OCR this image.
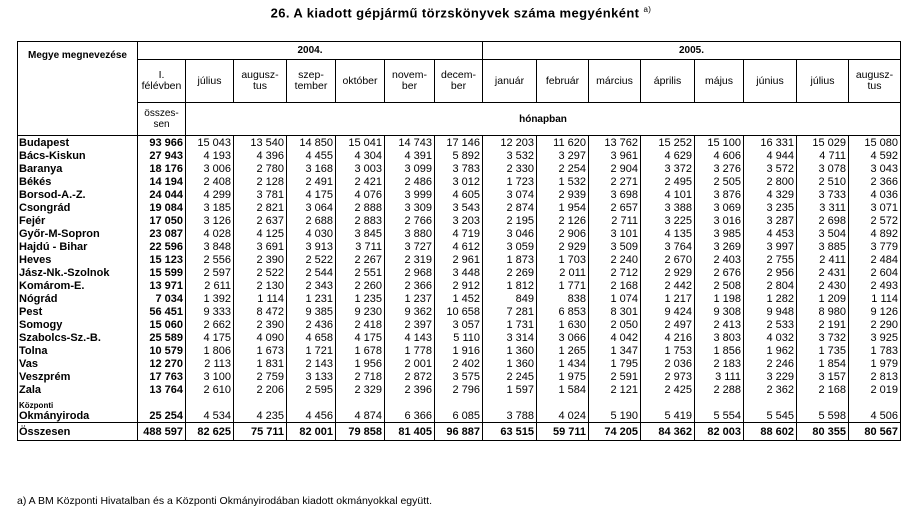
26. A kiadott gépjármű törzskönyvek száma megyénként $^{a)}$
Megye megnevezése	2004.							2005.							
	I. félévben	július	augusz-tus	szep-tember	október	novem-ber	decem-ber	január	február	március	április	május	június	július	augusz-tus
	összes-sen	hónapban													
Budapest	93 966	15 043	13 540	14 850	15 041	14 743	17 146	12 203	11 620	13 762	15 252	15 100	16 331	15 029	15 080
Bács-Kiskun	27 943	4 193	4 396	4 455	4 304	4 391	5 892	3 532	3 297	3 961	4 629	4 606	4 944	4 711	4 592
Baranya	18 176	3 006	2 780	3 168	3 003	3 099	3 783	2 330	2 254	2 904	3 372	3 276	3 572	3 078	3 043
Békés	14 194	2 408	2 128	2 491	2 421	2 486	3 012	1 723	1 532	2 271	2 495	2 505	2 800	2 510	2 366
Borsod-A.-Z.	24 044	4 299	3 781	4 175	4 076	3 999	4 605	3 074	2 939	3 698	4 101	3 876	4 329	3 733	4 036
Csongrád	19 084	3 185	2 821	3 064	2 888	3 309	3 543	2 874	1 954	2 657	3 388	3 069	3 235	3 311	3 071
Fejér	17 050	3 126	2 637	2 688	2 883	2 766	3 203	2 195	2 126	2 711	3 225	3 016	3 287	2 698	2 572
Győr-M-Sopron	23 087	4 028	4 125	4 030	3 845	3 880	4 719	3 046	2 906	3 101	4 135	3 985	4 453	3 504	4 892
Hajdú - Bihar	22 596	3 848	3 691	3 913	3 711	3 727	4 612	3 059	2 929	3 509	3 764	3 269	3 997	3 885	3 779
Heves	15 123	2 556	2 390	2 522	2 267	2 319	2 961	1 873	1 703	2 240	2 670	2 403	2 755	2 411	2 484
Jász-Nk.-Szolnok	15 599	2 597	2 522	2 544	2 551	2 968	3 448	2 269	2 011	2 712	2 929	2 676	2 956	2 431	2 604
Komárom-E.	13 971	2 611	2 130	2 343	2 260	2 366	2 912	1 812	1 771	2 168	2 442	2 508	2 804	2 430	2 493
Nógrád	7 034	1 392	1 114	1 231	1 235	1 237	1 452	849	838	1 074	1 217	1 198	1 282	1 209	1 114
Pest	56 451	9 333	8 472	9 385	9 230	9 362	10 658	7 281	6 853	8 301	9 424	9 308	9 948	8 980	9 126
Somogy	15 060	2 662	2 390	2 436	2 418	2 397	3 057	1 731	1 630	2 050	2 497	2 413	2 533	2 191	2 290
Szabolcs-Sz.-B.	25 589	4 175	4 090	4 658	4 175	4 143	5 110	3 314	3 066	4 042	4 216	3 803	4 032	3 732	3 925
Tolna	10 579	1 806	1 673	1 721	1 678	1 778	1 916	1 360	1 265	1 347	1 753	1 856	1 962	1 735	1 783
Vas	12 270	2 113	1 831	2 143	1 956	2 001	2 402	1 360	1 434	1 795	2 036	2 183	2 246	1 854	1 979
Veszprém	17 763	3 100	2 759	3 133	2 718	2 872	3 575	2 245	1 975	2 591	2 973	3 111	3 229	3 157	2 813
Zala	13 764	2 610	2 206	2 595	2 329	2 396	2 796	1 597	1 584	2 121	2 425	2 288	2 362	2 168	2 019

Központi
Okmányiroda	25 254	4 534	4 235	4 456	4 874	6 366	6 085	3 788	4 024	5 190	5 419	5 554	5 545	5 598	4 506
Összesen	488 597	82 625	75 711	82 001	79 858	81 405	96 887	63 515	59 711	74 205	84 362	82 003	88 602	80 355	80 567
a) A BM Központi Hivatalban és a Központi Okmányirodában kiadott okmányokkal együtt.
